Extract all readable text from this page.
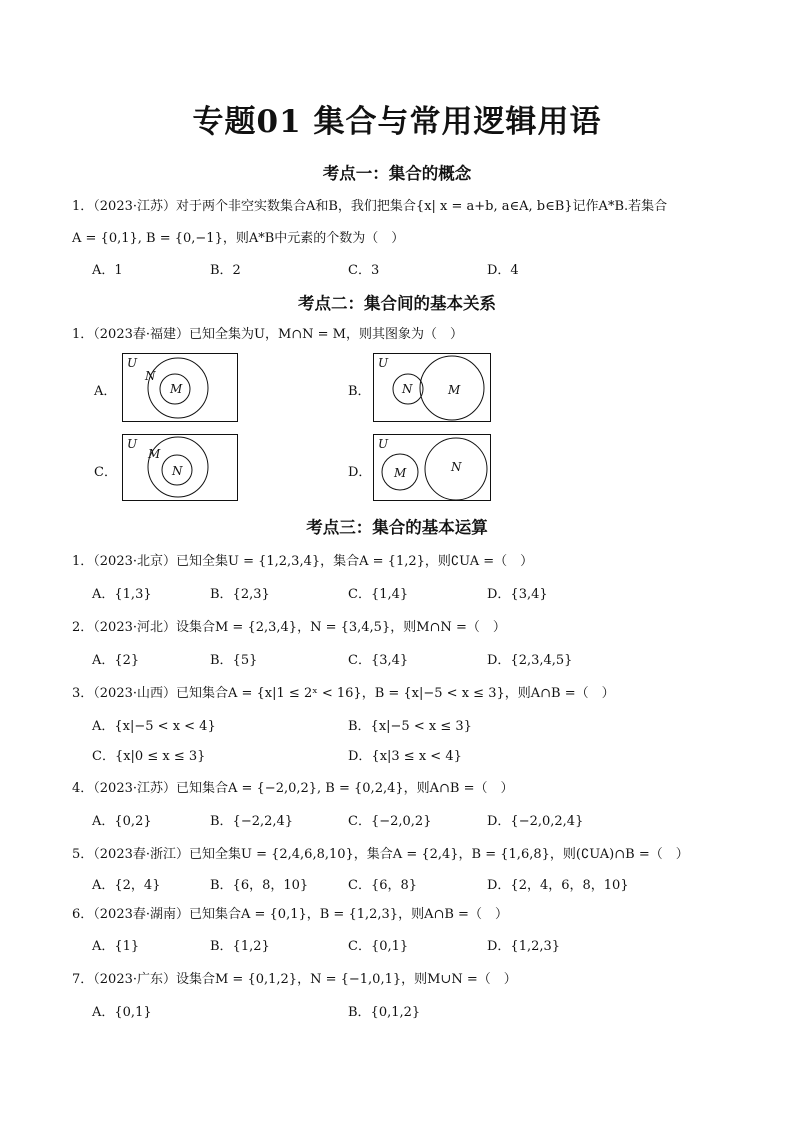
专题01 集合与常用逻辑用语
考点一：集合的概念
1．（2023·江苏）对于两个非空实数集合A和B，我们把集合{x| x = a+b, a∈A, b∈B}记作A*B.若集合
A = {0,1}, B = {0,−1}，则A*B中元素的个数为（　）
A．1	B．2	C．3	D．4
考点二：集合间的基本关系
1．（2023春·福建）已知全集为U，M∩N = M，则其图象为（　）
A．
U
N
M	B．
U
N	M
C．
U
M
N	D．
U
M	N
考点三：集合的基本运算
1．（2023·北京）已知全集U = {1,2,3,4}，集合A = {1,2}，则∁UA =（　）
A．{1,3}	B．{2,3}	C．{1,4}	D．{3,4}
2．（2023·河北）设集合M = {2,3,4}，N = {3,4,5}，则M∩N =（　）
A．{2}	B．{5}	C．{3,4}	D．{2,3,4,5}
3．（2023·山西）已知集合A = {x|1 ≤ 2ˣ < 16}，B = {x|−5 < x ≤ 3}，则A∩B =（　）
A．{x|−5 < x < 4}	B．{x|−5 < x ≤ 3}
C．{x|0 ≤ x ≤ 3}	D．{x|3 ≤ x < 4}
4．（2023·江苏）已知集合A = {−2,0,2}, B = {0,2,4}，则A∩B =（　）
A．{0,2}	B．{−2,2,4}	C．{−2,0,2}	D．{−2,0,2,4}
5．（2023春·浙江）已知全集U = {2,4,6,8,10}，集合A = {2,4}，B = {1,6,8}，则(∁UA)∩B =（　）
A．{2，4}	B．{6，8，10}	C．{6，8}	D．{2，4，6，8，10}
6．（2023春·湖南）已知集合A = {0,1}，B = {1,2,3}，则A∩B =（　）
A．{1}	B．{1,2}	C．{0,1}	D．{1,2,3}
7．（2023·广东）设集合M = {0,1,2}，N = {−1,0,1}，则M∪N =（　）
A．{0,1}	B．{0,1,2}
